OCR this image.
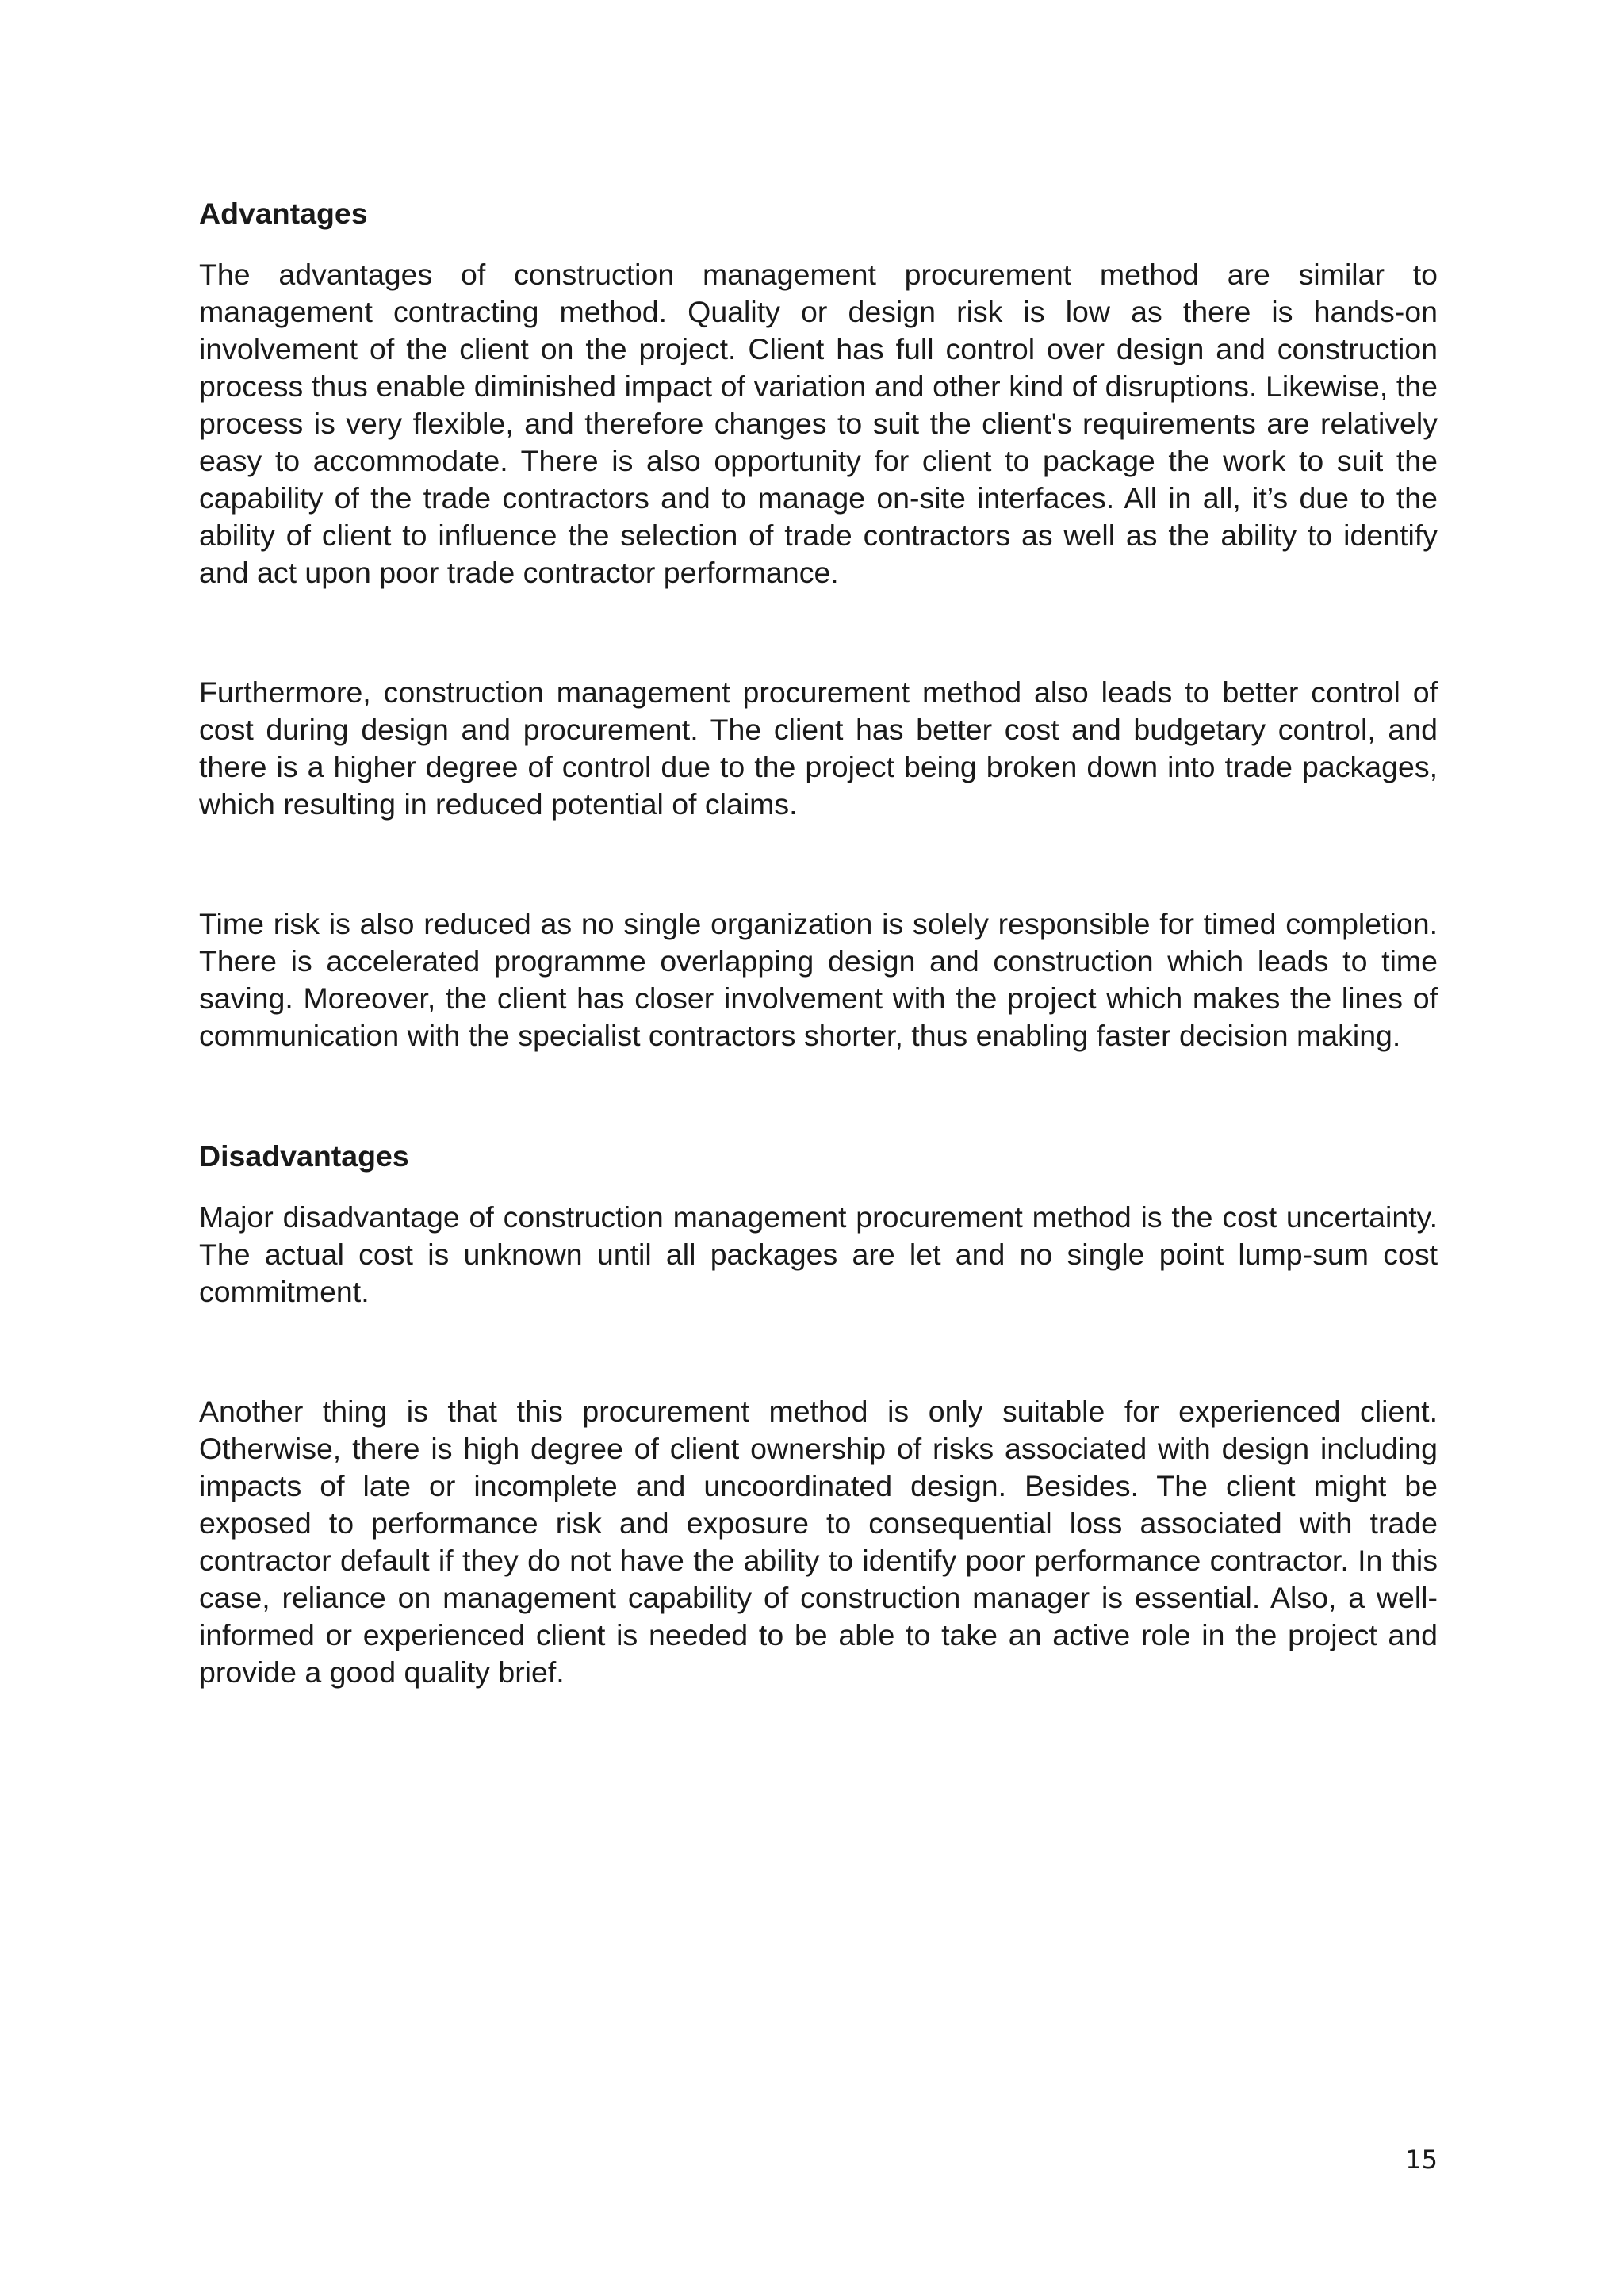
Advantages

The advantages of construction management procurement method are similar to management contracting method. Quality or design risk is low as there is hands-on involvement of the client on the project. Client has full control over design and construction process thus enable diminished impact of variation and other kind of disruptions. Likewise, the process is very flexible, and therefore changes to suit the client's requirements are relatively easy to accommodate. There is also opportunity for client to package the work to suit the capability of the trade contractors and to manage on-site interfaces. All in all, it’s due to the ability of client to influence the selection of trade contractors as well as the ability to identify and act upon poor trade contractor performance.

Furthermore, construction management procurement method also leads to better control of cost during design and procurement. The client has better cost and budgetary control, and there is a higher degree of control due to the project being broken down into trade packages, which resulting in reduced potential of claims.

Time risk is also reduced as no single organization is solely responsible for timed completion. There is accelerated programme overlapping design and construction which leads to time saving. Moreover, the client has closer involvement with the project which makes the lines of communication with the specialist contractors shorter, thus enabling faster decision making.

Disadvantages

Major disadvantage of construction management procurement method is the cost uncertainty. The actual cost is unknown until all packages are let and no single point lump-sum cost commitment.

Another thing is that this procurement method is only suitable for experienced client. Otherwise, there is high degree of client ownership of risks associated with design including impacts of late or incomplete and uncoordinated design. Besides. The client might be exposed to performance risk and exposure to consequential loss associated with trade contractor default if they do not have the ability to identify poor performance contractor. In this case, reliance on management capability of construction manager is essential. Also, a well-informed or experienced client is needed to be able to take an active role in the project and provide a good quality brief.

15
